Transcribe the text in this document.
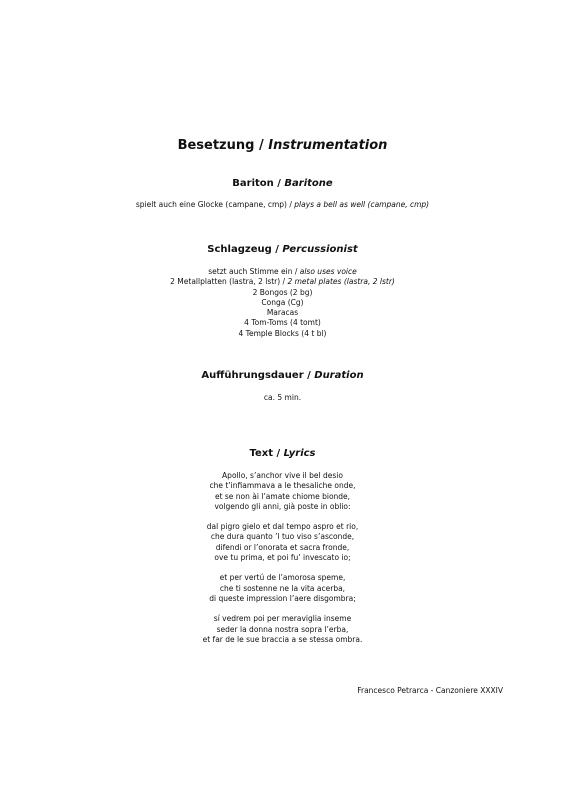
Besetzung / Instrumentation
Bariton / Baritone
spielt auch eine Glocke (campane, cmp) / plays a bell as well (campane, cmp)
Schlagzeug / Percussionist
setzt auch Stimme ein / also uses voice
2 Metallplatten (lastra, 2 lstr) / 2 metal plates (lastra, 2 lstr)
2 Bongos (2 bg)
Conga (Cg)
Maracas
4 Tom-Toms (4 tomt)
4 Temple Blocks (4 t bl)
Aufführungsdauer / Duration
ca. 5 min.
Text / Lyrics
Apollo, s’anchor vive il bel desio
che t’infiammava a le thesaliche onde,
et se non ài l’amate chiome bionde,
volgendo gli anni, già poste in oblio:
dal pigro gielo et dal tempo aspro et rio,
che dura quanto ’l tuo viso s’asconde,
difendi or l’onorata et sacra fronde,
ove tu prima, et poi fu’ invescato io;
et per vertú de l’amorosa speme,
che ti sostenne ne la vita acerba,
di queste impression l’aere disgombra;
sí vedrem poi per meraviglia inseme
seder la donna nostra sopra l’erba,
et far de le sue braccia a se stessa ombra.
Francesco Petrarca - Canzoniere XXXIV
